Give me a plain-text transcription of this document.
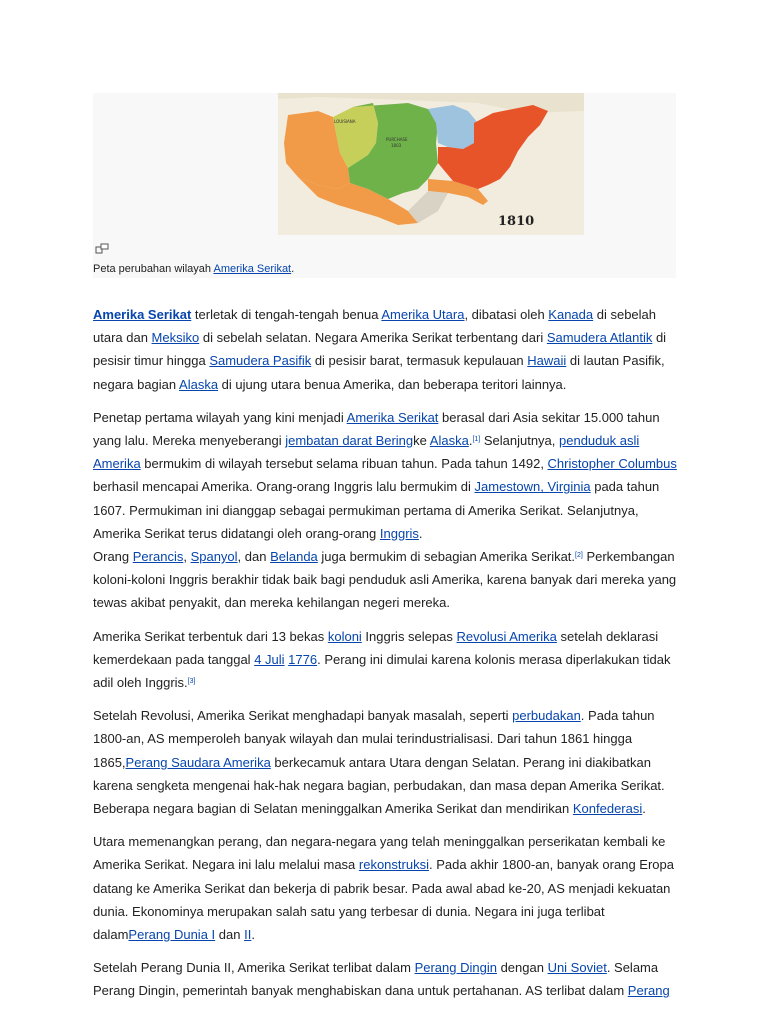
LOUISIANA
PURCHASE
1803
1810
Peta perubahan wilayah Amerika Serikat.

Amerika Serikat terletak di tengah-tengah benua Amerika Utara, dibatasi oleh Kanada di sebelah utara dan Meksiko di sebelah selatan. Negara Amerika Serikat terbentang dari Samudera Atlantik di pesisir timur hingga Samudera Pasifik di pesisir barat, termasuk kepulauan Hawaii di lautan Pasifik, negara bagian Alaska di ujung utara benua Amerika, dan beberapa teritori lainnya.

Penetap pertama wilayah yang kini menjadi Amerika Serikat berasal dari Asia sekitar 15.000 tahun yang lalu. Mereka menyeberangi jembatan darat Beringke Alaska.[1] Selanjutnya, penduduk asli Amerika bermukim di wilayah tersebut selama ribuan tahun. Pada tahun 1492, Christopher Columbus berhasil mencapai Amerika. Orang-orang Inggris lalu bermukim di Jamestown, Virginia pada tahun 1607. Permukiman ini dianggap sebagai permukiman pertama di Amerika Serikat. Selanjutnya, Amerika Serikat terus didatangi oleh orang-orang Inggris.
Orang Perancis, Spanyol, dan Belanda juga bermukim di sebagian Amerika Serikat.[2] Perkembangan koloni-koloni Inggris berakhir tidak baik bagi penduduk asli Amerika, karena banyak dari mereka yang tewas akibat penyakit, dan mereka kehilangan negeri mereka.

Amerika Serikat terbentuk dari 13 bekas koloni Inggris selepas Revolusi Amerika setelah deklarasi kemerdekaan pada tanggal 4 Juli 1776. Perang ini dimulai karena kolonis merasa diperlakukan tidak adil oleh Inggris.[3]

Setelah Revolusi, Amerika Serikat menghadapi banyak masalah, seperti perbudakan. Pada tahun 1800-an, AS memperoleh banyak wilayah dan mulai terindustrialisasi. Dari tahun 1861 hingga 1865,Perang Saudara Amerika berkecamuk antara Utara dengan Selatan. Perang ini diakibatkan karena sengketa mengenai hak-hak negara bagian, perbudakan, dan masa depan Amerika Serikat. Beberapa negara bagian di Selatan meninggalkan Amerika Serikat dan mendirikan Konfederasi.

Utara memenangkan perang, dan negara-negara yang telah meninggalkan perserikatan kembali ke Amerika Serikat. Negara ini lalu melalui masa rekonstruksi. Pada akhir 1800-an, banyak orang Eropa datang ke Amerika Serikat dan bekerja di pabrik besar. Pada awal abad ke-20, AS menjadi kekuatan dunia. Ekonominya merupakan salah satu yang terbesar di dunia. Negara ini juga terlibat dalamPerang Dunia I dan II.

Setelah Perang Dunia II, Amerika Serikat terlibat dalam Perang Dingin dengan Uni Soviet. Selama Perang Dingin, pemerintah banyak menghabiskan dana untuk pertahanan. AS terlibat dalam Perang
